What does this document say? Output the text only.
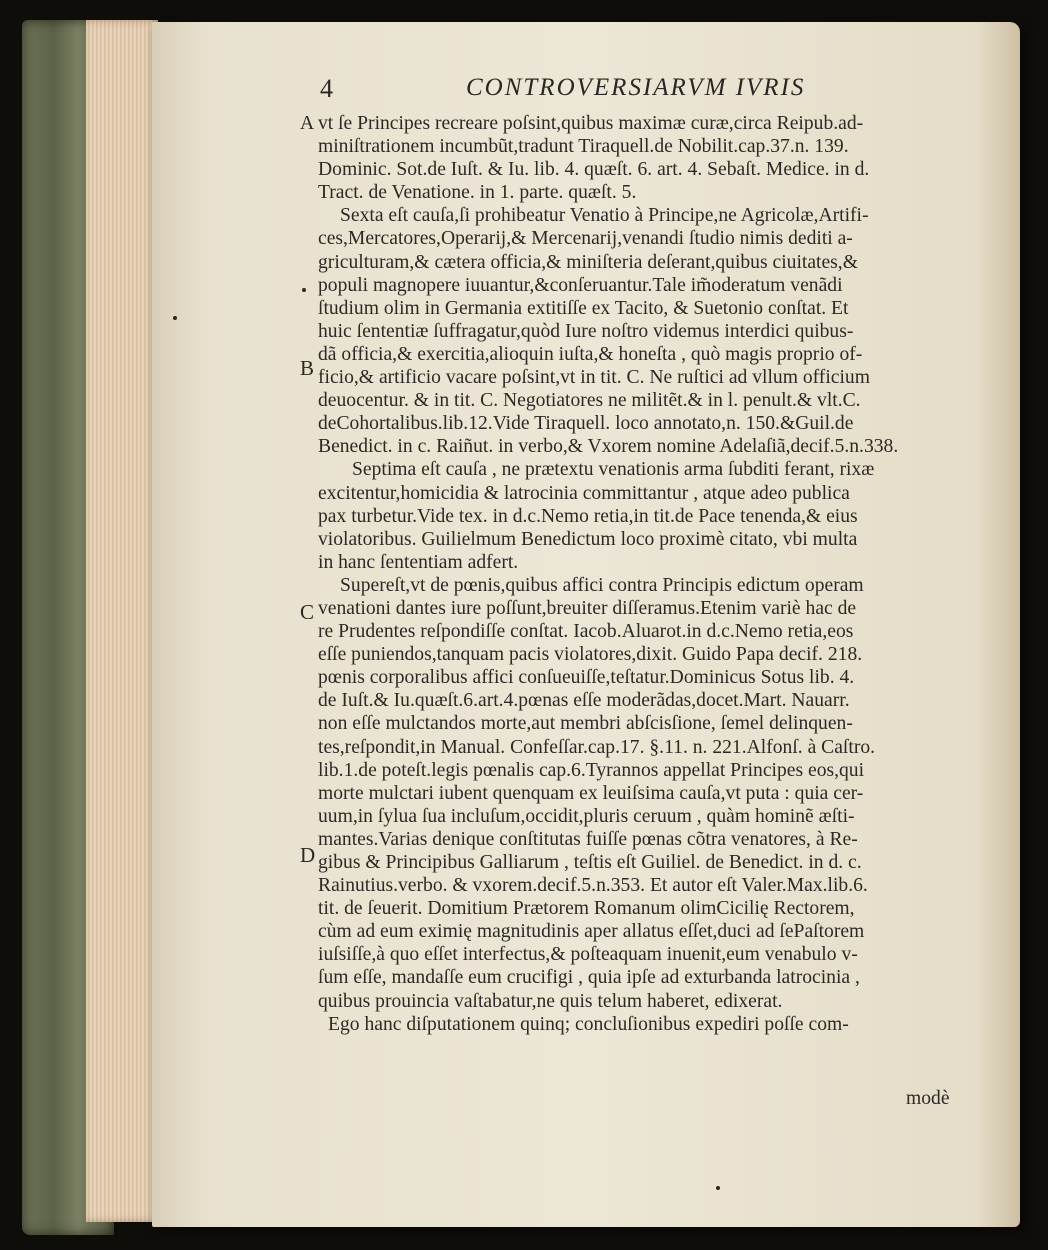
4	CONTROVERSIARVM IVRIS
B
C
D
A vt ſe Principes recreare poſsint,quibus maximæ curæ,circa Reipub.ad-
miniſtrationem incumbũt,tradunt Tiraquell.de Nobilit.cap.37.n. 139.
Dominic. Sot.de Iuſt. & Iu. lib. 4. quæſt. 6. art. 4. Sebaſt. Medice. in d.
Tract. de Venatione. in 1. parte. quæſt. 5.
Sexta eſt cauſa,ſi prohibeatur Venatio à Principe,ne Agricolæ,Artifi-
ces,Mercatores,Operarij,& Mercenarij,venandi ſtudio nimis dediti a-
griculturam,& cætera officia,& miniſteria deſerant,quibus ciuitates,&
populi magnopere iuuantur,&conſeruantur.Tale im̃oderatum venãdi
ſtudium olim in Germania extitiſſe ex Tacito, & Suetonio conſtat. Et
huic ſententiæ ſuffragatur,quòd Iure noſtro videmus interdici quibus-
dã officia,& exercitia,alioquin iuſta,& honeſta , quò magis proprio of-
ficio,& artificio vacare poſsint,vt in tit. C. Ne ruſtici ad vllum officium
deuocentur. & in tit. C. Negotiatores ne militẽt.& in l. penult.& vlt.C.
deCohortalibus.lib.12.Vide Tiraquell. loco annotato,n. 150.&Guil.de
Benedict. in c. Raiñut. in verbo,& Vxorem nomine Adelaſiã,decif.5.n.338.
Septima eſt cauſa , ne prætextu venationis arma ſubditi ferant, rixæ
excitentur,homicidia & latrocinia committantur , atque adeo publica
pax turbetur.Vide tex. in d.c.Nemo retia,in tit.de Pace tenenda,& eius
violatoribus. Guilielmum Benedictum loco proximè citato, vbi multa
in hanc ſententiam adfert.
Supereſt,vt de pœnis,quibus affici contra Principis edictum operam
venationi dantes iure poſſunt,breuiter diſſeramus.Etenim variè hac de
re Prudentes reſpondiſſe conſtat. Iacob.Aluarot.in d.c.Nemo retia,eos
eſſe puniendos,tanquam pacis violatores,dixit. Guido Papa decif. 218.
pœnis corporalibus affici conſueuiſſe,teſtatur.Dominicus Sotus lib. 4.
de Iuſt.& Iu.quæſt.6.art.4.pœnas eſſe moderãdas,docet.Mart. Nauarr.
non eſſe mulctandos morte,aut membri abſcisſione, ſemel delinquen-
tes,reſpondit,in Manual. Confeſſar.cap.17. §.11. n. 221.Alfonſ. à Caſtro.
lib.1.de poteſt.legis pœnalis cap.6.Tyrannos appellat Principes eos,qui
morte mulctari iubent quenquam ex leuiſsima cauſa,vt puta : quia cer-
uum,in ſylua ſua incluſum,occidit,pluris ceruum , quàm hominẽ æſti-
mantes.Varias denique conſtitutas fuiſſe pœnas cõtra venatores, à Re-
gibus & Principibus Galliarum , teſtis eſt Guiliel. de Benedict. in d. c.
Rainutius.verbo. & vxorem.decif.5.n.353. Et autor eſt Valer.Max.lib.6.
tit. de ſeuerit. Domitium Prætorem Romanum olimCicilię Rectorem,
cùm ad eum eximię magnitudinis aper allatus eſſet,duci ad ſePaſtorem
iuſsiſſe,à quo eſſet interfectus,& poſteaquam inuenit,eum venabulo v-
ſum eſſe, mandaſſe eum crucifigi , quia ipſe ad exturbanda latrocinia ,
quibus prouincia vaſtabatur,ne quis telum haberet, edixerat.
Ego hanc diſputationem quinq; concluſionibus expediri poſſe com-
modè
